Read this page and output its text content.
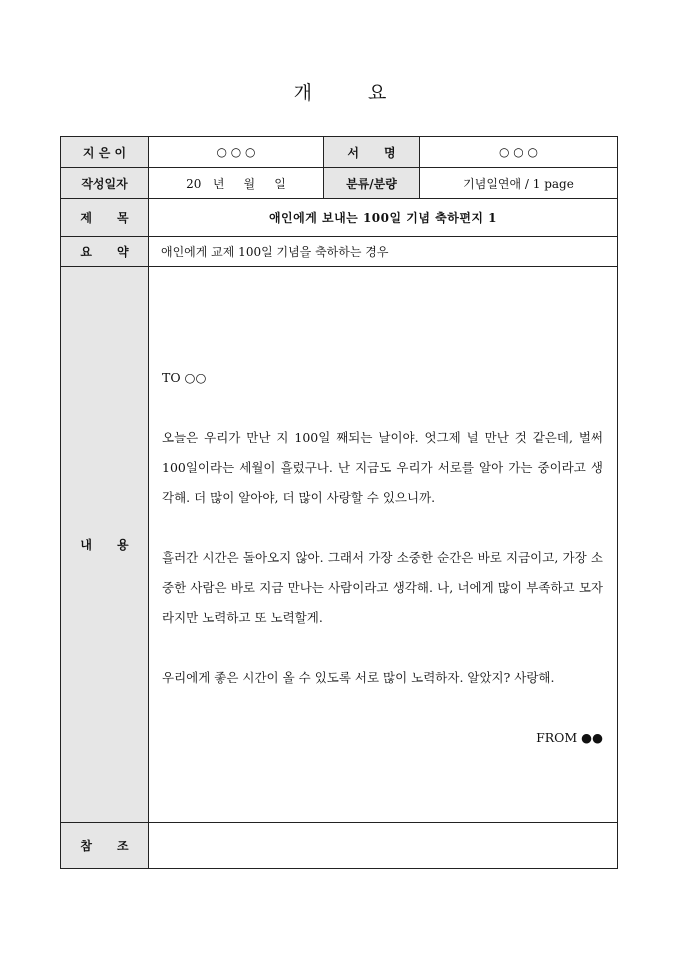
개	요
지 은 이	○ ○ ○	서      명	○ ○ ○
작성일자	20   년     월     일	분류/분량	기념일연애 / 1 page
제      목	애인에게 보내는 100일 기념 축하편지 1		
요      약	애인에게 교제 100일 기념을 축하하는 경우		
내      용	TO ○○

오늘은 우리가 만난 지 100일 째되는 날이야. 엇그제 널 만난 것 같은데, 벌써 100일이라는 세월이 흘렀구나. 난 지금도 우리가 서로를 알아 가는 중이라고 생각해. 더 많이 알아야, 더 많이 사랑할 수 있으니까.

흘러간 시간은 돌아오지 않아. 그래서 가장 소중한 순간은 바로 지금이고, 가장 소중한 사람은 바로 지금 만나는 사람이라고 생각해. 나, 너에게 많이 부족하고 모자라지만 노력하고 또 노력할게.

우리에게 좋은 시간이 올 수 있도록 서로 많이 노력하자. 알았지? 사랑해.

FROM ●●		

참      조			
